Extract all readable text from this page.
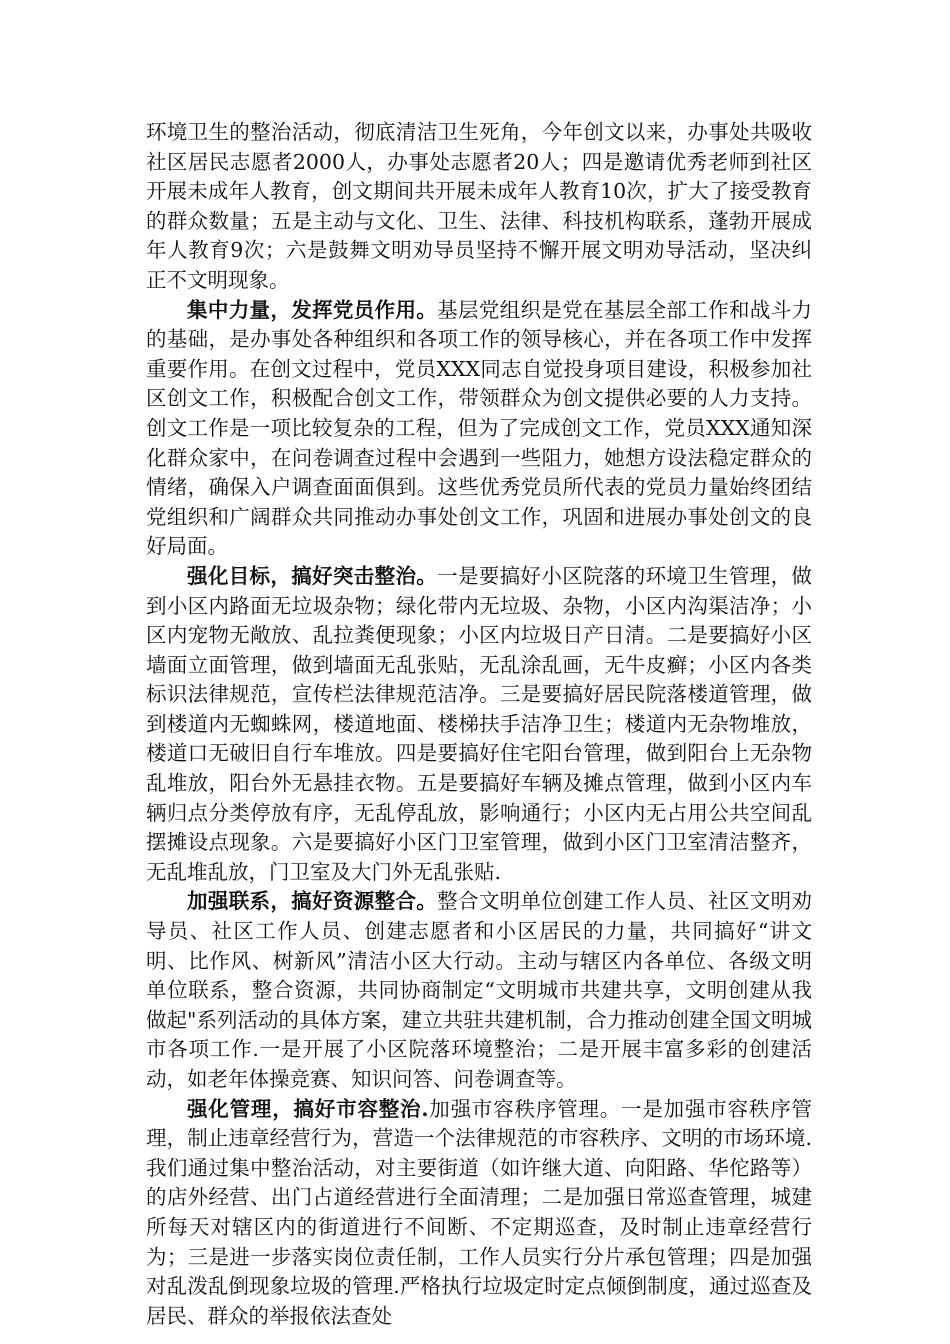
环境卫生的整治活动，彻底清洁卫生死角，今年创文以来，办事处共吸收社区居民志愿者2000人，办事处志愿者20人；四是邀请优秀老师到社区开展未成年人教育，创文期间共开展未成年人教育10次，扩大了接受教育的群众数量；五是主动与文化、卫生、法律、科技机构联系，蓬勃开展成年人教育9次；六是鼓舞文明劝导员坚持不懈开展文明劝导活动，坚决纠正不文明现象。

集中力量，发挥党员作用。基层党组织是党在基层全部工作和战斗力的基础，是办事处各种组织和各项工作的领导核心，并在各项工作中发挥重要作用。在创文过程中，党员XXX同志自觉投身项目建设，积极参加社区创文工作，积极配合创文工作，带领群众为创文提供必要的人力支持。创文工作是一项比较复杂的工程，但为了完成创文工作，党员XXX通知深化群众家中，在问卷调查过程中会遇到一些阻力，她想方设法稳定群众的情绪，确保入户调查面面俱到。这些优秀党员所代表的党员力量始终团结党组织和广阔群众共同推动办事处创文工作，巩固和进展办事处创文的良好局面。

强化目标，搞好突击整治。一是要搞好小区院落的环境卫生管理，做到小区内路面无垃圾杂物；绿化带内无垃圾、杂物，小区内沟渠洁净；小区内宠物无敞放、乱拉粪便现象；小区内垃圾日产日清。二是要搞好小区墙面立面管理，做到墙面无乱张贴，无乱涂乱画，无牛皮癣；小区内各类标识法律规范，宣传栏法律规范洁净。三是要搞好居民院落楼道管理，做到楼道内无蜘蛛网，楼道地面、楼梯扶手洁净卫生；楼道内无杂物堆放，楼道口无破旧自行车堆放。四是要搞好住宅阳台管理，做到阳台上无杂物乱堆放，阳台外无悬挂衣物。五是要搞好车辆及摊点管理，做到小区内车辆归点分类停放有序，无乱停乱放，影响通行；小区内无占用公共空间乱摆摊设点现象。六是要搞好小区门卫室管理，做到小区门卫室清洁整齐，无乱堆乱放，门卫室及大门外无乱张贴.

加强联系，搞好资源整合。整合文明单位创建工作人员、社区文明劝导员、社区工作人员、创建志愿者和小区居民的力量，共同搞好“讲文明、比作风、树新风”清洁小区大行动。主动与辖区内各单位、各级文明单位联系，整合资源，共同协商制定“文明城市共建共享，文明创建从我做起"系列活动的具体方案，建立共驻共建机制，合力推动创建全国文明城市各项工作.一是开展了小区院落环境整治；二是开展丰富多彩的创建活动，如老年体操竞赛、知识问答、问卷调查等。

强化管理，搞好市容整治.加强市容秩序管理。一是加强市容秩序管理，制止违章经营行为，营造一个法律规范的市容秩序、文明的市场环境.我们通过集中整治活动，对主要街道（如许继大道、向阳路、华佗路等）的店外经营、出门占道经营进行全面清理；二是加强日常巡查管理，城建所每天对辖区内的街道进行不间断、不定期巡查，及时制止违章经营行为；三是进一步落实岗位责任制，工作人员实行分片承包管理；四是加强对乱泼乱倒现象垃圾的管理.严格执行垃圾定时定点倾倒制度，通过巡查及居民、群众的举报依法查处
